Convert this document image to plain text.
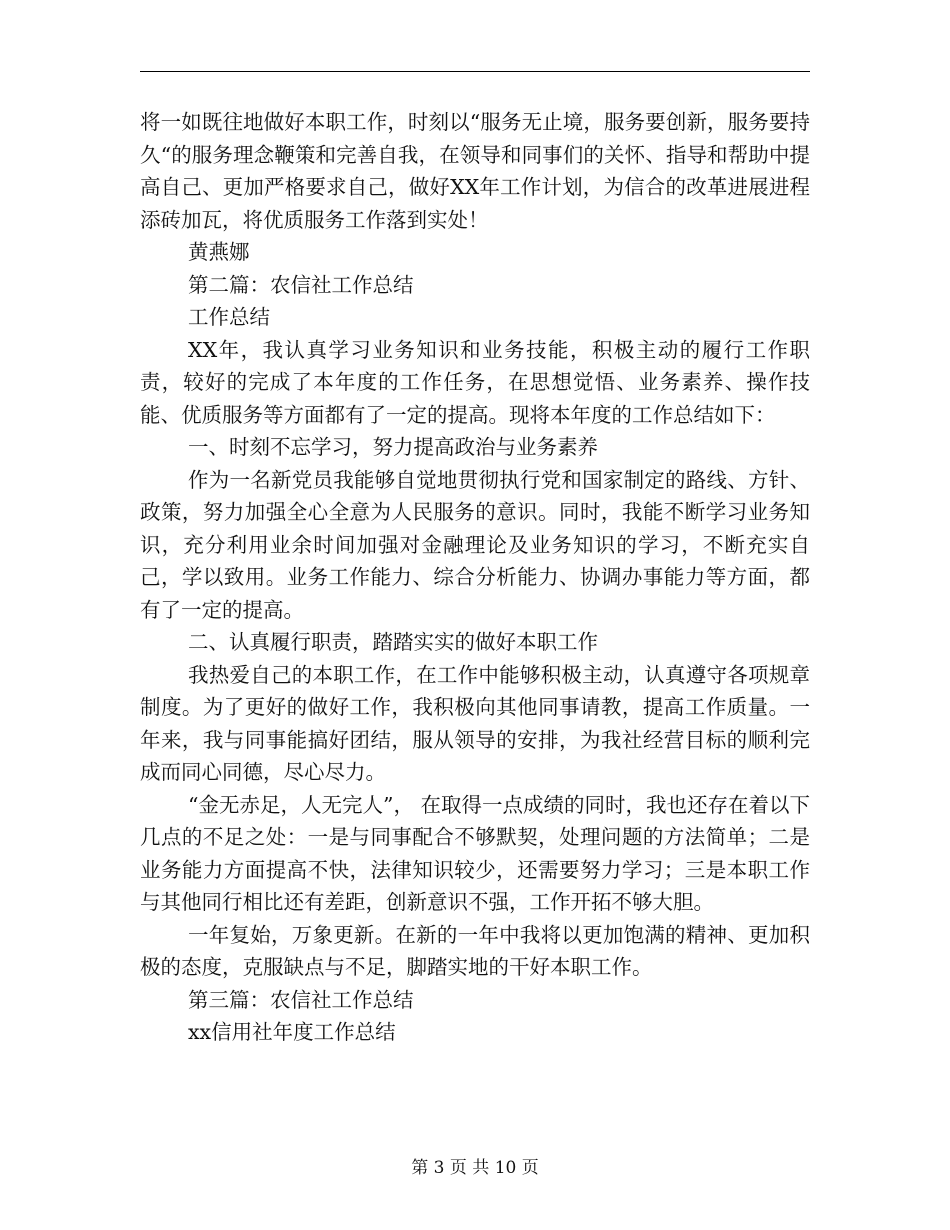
将一如既往地做好本职工作，时刻以“服务无止境，服务要创新，服务要持久“的服务理念鞭策和完善自我，在领导和同事们的关怀、指导和帮助中提高自己、更加严格要求自己，做好XX年工作计划，为信合的改革进展进程添砖加瓦，将优质服务工作落到实处！

黄燕娜

第二篇：农信社工作总结

工作总结

XX年，我认真学习业务知识和业务技能，积极主动的履行工作职责，较好的完成了本年度的工作任务，在思想觉悟、业务素养、操作技能、优质服务等方面都有了一定的提高。现将本年度的工作总结如下：

一、时刻不忘学习，努力提高政治与业务素养

作为一名新党员我能够自觉地贯彻执行党和国家制定的路线、方针、政策，努力加强全心全意为人民服务的意识。同时，我能不断学习业务知识，充分利用业余时间加强对金融理论及业务知识的学习，不断充实自己，学以致用。业务工作能力、综合分析能力、协调办事能力等方面，都有了一定的提高。

二、认真履行职责，踏踏实实的做好本职工作

我热爱自己的本职工作，在工作中能够积极主动，认真遵守各项规章制度。为了更好的做好工作，我积极向其他同事请教，提高工作质量。一年来，我与同事能搞好团结，服从领导的安排，为我社经营目标的顺利完成而同心同德，尽心尽力。

“金无赤足，人无完人”， 在取得一点成绩的同时，我也还存在着以下几点的不足之处：一是与同事配合不够默契，处理问题的方法简单；二是业务能力方面提高不快，法律知识较少，还需要努力学习；三是本职工作与其他同行相比还有差距，创新意识不强，工作开拓不够大胆。

一年复始，万象更新。在新的一年中我将以更加饱满的精神、更加积极的态度，克服缺点与不足，脚踏实地的干好本职工作。

第三篇：农信社工作总结

xx信用社年度工作总结

第 3 页 共 10 页
